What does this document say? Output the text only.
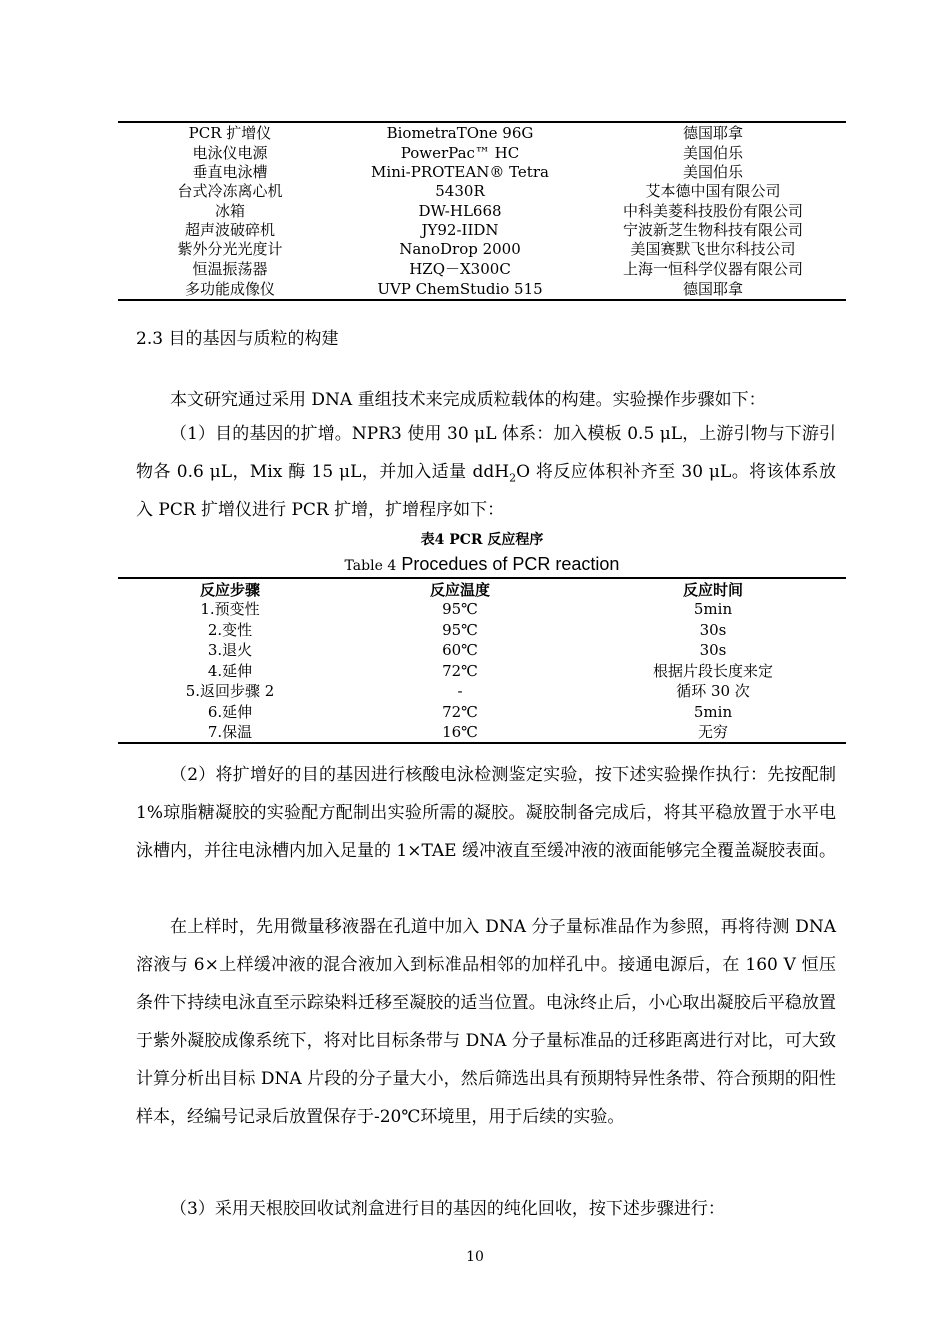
PCR 扩增仪	BiometraTOne 96G	德国耶拿
电泳仪电源	PowerPac™ HC	美国伯乐
垂直电泳槽	Mini-PROTEAN® Tetra	美国伯乐
台式冷冻离心机	5430R	艾本德中国有限公司
冰箱	DW-HL668	中科美菱科技股份有限公司
超声波破碎机	JY92-IIDN	宁波新芝生物科技有限公司
紫外分光光度计	NanoDrop 2000	美国赛默飞世尔科技公司
恒温振荡器	HZQ－X300C	上海一恒科学仪器有限公司
多功能成像仪	UVP ChemStudio 515	德国耶拿
2.3 目的基因与质粒的构建

本文研究通过采用 DNA 重组技术来完成质粒载体的构建。实验操作步骤如下：

（1）目的基因的扩增。NPR3 使用 30 μL 体系：加入模板 0.5 μL，上游引物与下游引物各 0.6 μL，Mix 酶 15 μL，并加入适量 ddH$_2$O 将反应体积补齐至 30 μL。将该体系放入 PCR 扩增仪进行 PCR 扩增，扩增程序如下：

表4 PCR 反应程序
Table 4 Procedues of PCR reaction
反应步骤	反应温度	反应时间
1.预变性	95℃	5min
2.变性	95℃	30s
3.退火	60℃	30s
4.延伸	72℃	根据片段长度来定
5.返回步骤 2	-	循环 30 次
6.延伸	72℃	5min
7.保温	16℃	无穷

（2）将扩增好的目的基因进行核酸电泳检测鉴定实验，按下述实验操作执行：先按配制 1%琼脂糖凝胶的实验配方配制出实验所需的凝胶。凝胶制备完成后，将其平稳放置于水平电泳槽内，并往电泳槽内加入足量的 1×TAE 缓冲液直至缓冲液的液面能够完全覆盖凝胶表面。

在上样时，先用微量移液器在孔道中加入 DNA 分子量标准品作为参照，再将待测 DNA 溶液与 6×上样缓冲液的混合液加入到标准品相邻的加样孔中。接通电源后，在 160 V 恒压条件下持续电泳直至示踪染料迁移至凝胶的适当位置。电泳终止后，小心取出凝胶后平稳放置于紫外凝胶成像系统下，将对比目标条带与 DNA 分子量标准品的迁移距离进行对比，可大致计算分析出目标 DNA 片段的分子量大小，然后筛选出具有预期特异性条带、符合预期的阳性样本，经编号记录后放置保存于-20℃环境里，用于后续的实验。

（3）采用天根胶回收试剂盒进行目的基因的纯化回收，按下述步骤进行：

10
